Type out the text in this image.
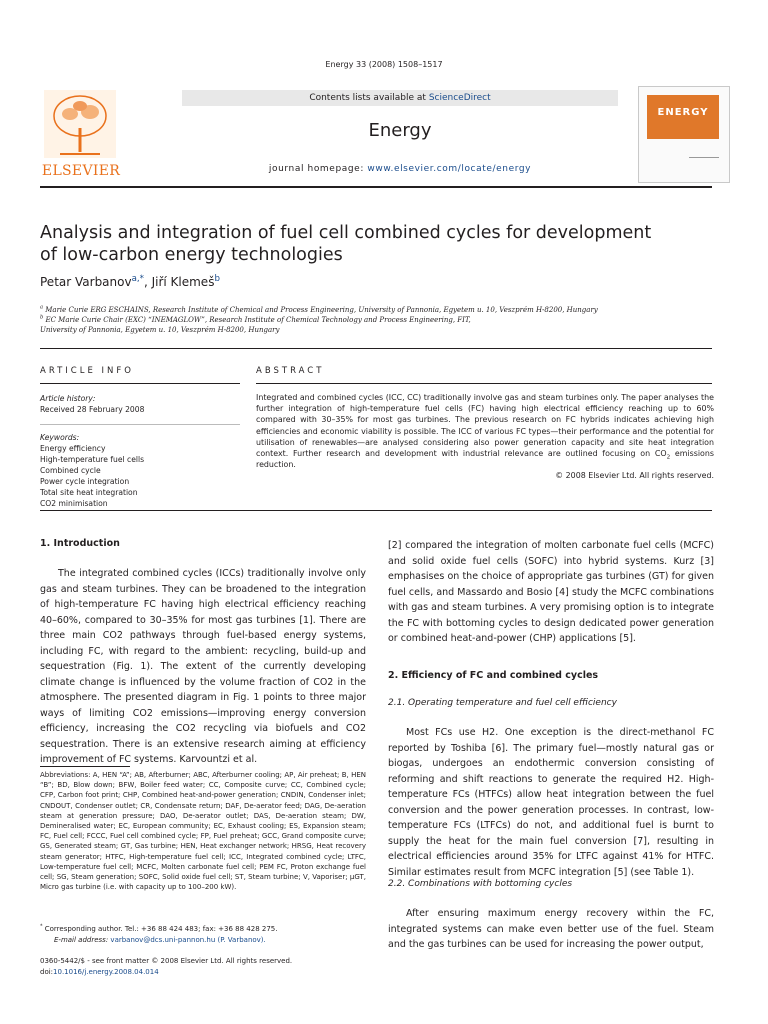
Energy 33 (2008) 1508–1517
ELSEVIER
Contents lists available at ScienceDirect
Energy
journal homepage: www.elsevier.com/locate/energy
ENERGY
Analysis and integration of fuel cell combined cycles for development
of low-carbon energy technologies
Petar Varbanov$^{a,*}$, Jiří Klemeš$^b$
$^a$ Marie Curie ERG ESCHAINS, Research Institute of Chemical and Process Engineering, University of Pannonia, Egyetem u. 10, Veszprém H-8200, Hungary
$^b$ EC Marie Curie Chair (EXC) “INEMAGLOW”, Research Institute of Chemical Technology and Process Engineering, FIT,
University of Pannonia, Egyetem u. 10, Veszprém H-8200, Hungary
ARTICLE INFO
Article history:
Received 28 February 2008
Keywords:
Energy efficiency
High-temperature fuel cells
Combined cycle
Power cycle integration
Total site heat integration
CO2 minimisation
ABSTRACT
Integrated and combined cycles (ICC, CC) traditionally involve gas and steam turbines only. The paper analyses the further integration of high-temperature fuel cells (FC) having high electrical efficiency reaching up to 60% compared with 30–35% for most gas turbines. The previous research on FC hybrids indicates achieving high efficiencies and economic viability is possible. The ICC of various FC types—their performance and the potential for utilisation of renewables—are analysed considering also power generation capacity and site heat integration context. Further research and development with industrial relevance are outlined focusing on $CO_2$ emissions reduction.
© 2008 Elsevier Ltd. All rights reserved.
1. Introduction
The integrated combined cycles (ICCs) traditionally involve only gas and steam turbines. They can be broadened to the integration of high-temperature FC having high electrical efficiency reaching 40–60%, compared to 30–35% for most gas turbines [1]. There are three main CO2 pathways through fuel-based energy systems, including FC, with regard to the ambient: recycling, build-up and sequestration (Fig. 1). The extent of the currently developing climate change is influenced by the volume fraction of CO2 in the atmosphere. The presented diagram in Fig. 1 points to three major ways of limiting CO2 emissions—improving energy conversion efficiency, increasing the CO2 recycling via biofuels and CO2 sequestration. There is an extensive research aiming at efficiency improvement of FC systems. Karvountzi et al.
Abbreviations: A, HEN “A”; AB, Afterburner; ABC, Afterburner cooling; AP, Air preheat; B, HEN “B”; BD, Blow down; BFW, Boiler feed water; CC, Composite curve; CC, Combined cycle; CFP, Carbon foot print; CHP, Combined heat-and-power generation; CNDIN, Condenser inlet; CNDOUT, Condenser outlet; CR, Condensate return; DAF, De-aerator feed; DAG, De-aeration steam at generation pressure; DAO, De-aerator outlet; DAS, De-aeration steam; DW, Demineralised water; EC, European community; EC, Exhaust cooling; ES, Expansion steam; FC, Fuel cell; FCCC, Fuel cell combined cycle; FP, Fuel preheat; GCC, Grand composite curve; GS, Generated steam; GT, Gas turbine; HEN, Heat exchanger network; HRSG, Heat recovery steam generator; HTFC, High-temperature fuel cell; ICC, Integrated combined cycle; LTFC, Low-temperature fuel cell; MCFC, Molten carbonate fuel cell; PEM FC, Proton exchange fuel cell; SG, Steam generation; SOFC, Solid oxide fuel cell; ST, Steam turbine; V, Vaporiser; µGT, Micro gas turbine (i.e. with capacity up to 100–200 kW).
* Corresponding author. Tel.: +36 88 424 483; fax: +36 88 428 275.
E-mail address: varbanov@dcs.uni-pannon.hu (P. Varbanov).
0360-5442/$ - see front matter © 2008 Elsevier Ltd. All rights reserved.
doi:10.1016/j.energy.2008.04.014
[2] compared the integration of molten carbonate fuel cells (MCFC) and solid oxide fuel cells (SOFC) into hybrid systems. Kurz [3] emphasises on the choice of appropriate gas turbines (GT) for given fuel cells, and Massardo and Bosio [4] study the MCFC combinations with gas and steam turbines. A very promising option is to integrate the FC with bottoming cycles to design dedicated power generation or combined heat-and-power (CHP) applications [5].
2. Efficiency of FC and combined cycles
2.1. Operating temperature and fuel cell efficiency
Most FCs use H2. One exception is the direct-methanol FC reported by Toshiba [6]. The primary fuel—mostly natural gas or biogas, undergoes an endothermic conversion consisting of reforming and shift reactions to generate the required H2. High-temperature FCs (HTFCs) allow heat integration between the fuel conversion and the power generation processes. In contrast, low-temperature FCs (LTFCs) do not, and additional fuel is burnt to supply the heat for the main fuel conversion [7], resulting in electrical efficiencies around 35% for LTFC against 41% for HTFC. Similar estimates result from MCFC integration [5] (see Table 1).
2.2. Combinations with bottoming cycles
After ensuring maximum energy recovery within the FC, integrated systems can make even better use of the fuel. Steam and the gas turbines can be used for increasing the power output,
